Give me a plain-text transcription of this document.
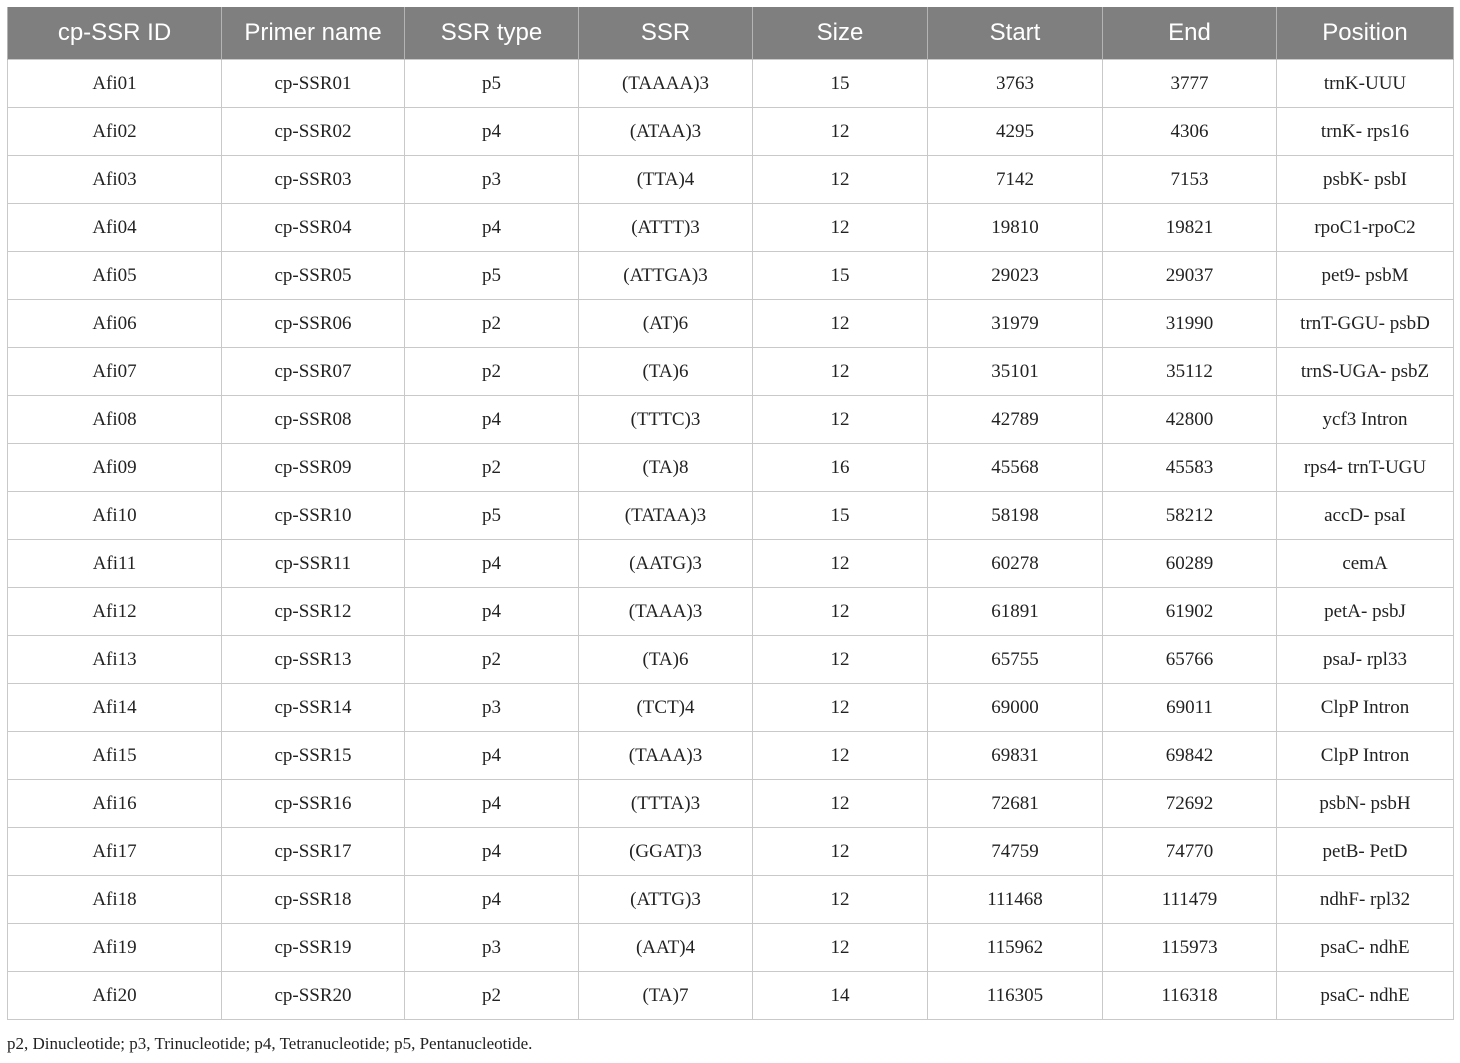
cp-SSR ID	Primer name	SSR type	SSR	Size	Start	End	Position
Afi01	cp-SSR01	p5	(TAAAA)3	15	3763	3777	trnK-UUU
Afi02	cp-SSR02	p4	(ATAA)3	12	4295	4306	trnK- rps16
Afi03	cp-SSR03	p3	(TTA)4	12	7142	7153	psbK- psbI
Afi04	cp-SSR04	p4	(ATTT)3	12	19810	19821	rpoC1-rpoC2
Afi05	cp-SSR05	p5	(ATTGA)3	15	29023	29037	pet9- psbM
Afi06	cp-SSR06	p2	(AT)6	12	31979	31990	trnT-GGU- psbD
Afi07	cp-SSR07	p2	(TA)6	12	35101	35112	trnS-UGA- psbZ
Afi08	cp-SSR08	p4	(TTTC)3	12	42789	42800	ycf3 Intron
Afi09	cp-SSR09	p2	(TA)8	16	45568	45583	rps4- trnT-UGU
Afi10	cp-SSR10	p5	(TATAA)3	15	58198	58212	accD- psaI
Afi11	cp-SSR11	p4	(AATG)3	12	60278	60289	cemA
Afi12	cp-SSR12	p4	(TAAA)3	12	61891	61902	petA- psbJ
Afi13	cp-SSR13	p2	(TA)6	12	65755	65766	psaJ- rpl33
Afi14	cp-SSR14	p3	(TCT)4	12	69000	69011	ClpP Intron
Afi15	cp-SSR15	p4	(TAAA)3	12	69831	69842	ClpP Intron
Afi16	cp-SSR16	p4	(TTTA)3	12	72681	72692	psbN- psbH
Afi17	cp-SSR17	p4	(GGAT)3	12	74759	74770	petB- PetD
Afi18	cp-SSR18	p4	(ATTG)3	12	111468	111479	ndhF- rpl32
Afi19	cp-SSR19	p3	(AAT)4	12	115962	115973	psaC- ndhE
Afi20	cp-SSR20	p2	(TA)7	14	116305	116318	psaC- ndhE
p2, Dinucleotide; p3, Trinucleotide; p4, Tetranucleotide; p5, Pentanucleotide.
